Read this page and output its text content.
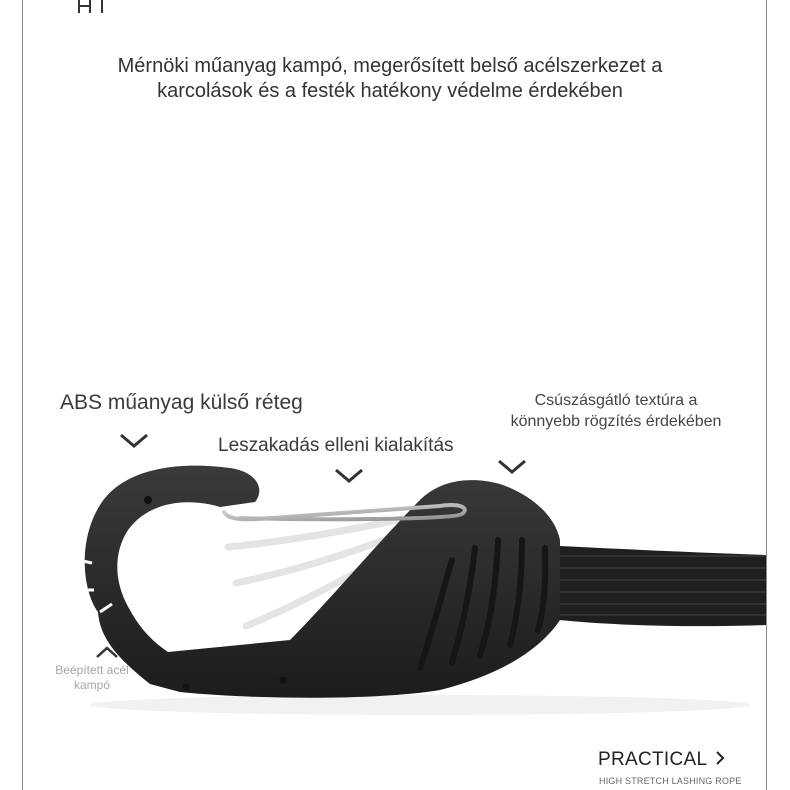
Mérnöki műanyag kampó, megerősített belső acélszerkezet a
karcolások és a festék hatékony védelme érdekében
ABS műanyag külső réteg
Leszakadás elleni kialakítás
Csúszásgátló textúra a
könnyebb rögzítés érdekében
Beépített acél
kampó
PRACTICAL
HIGH STRETCH LASHING ROPE
